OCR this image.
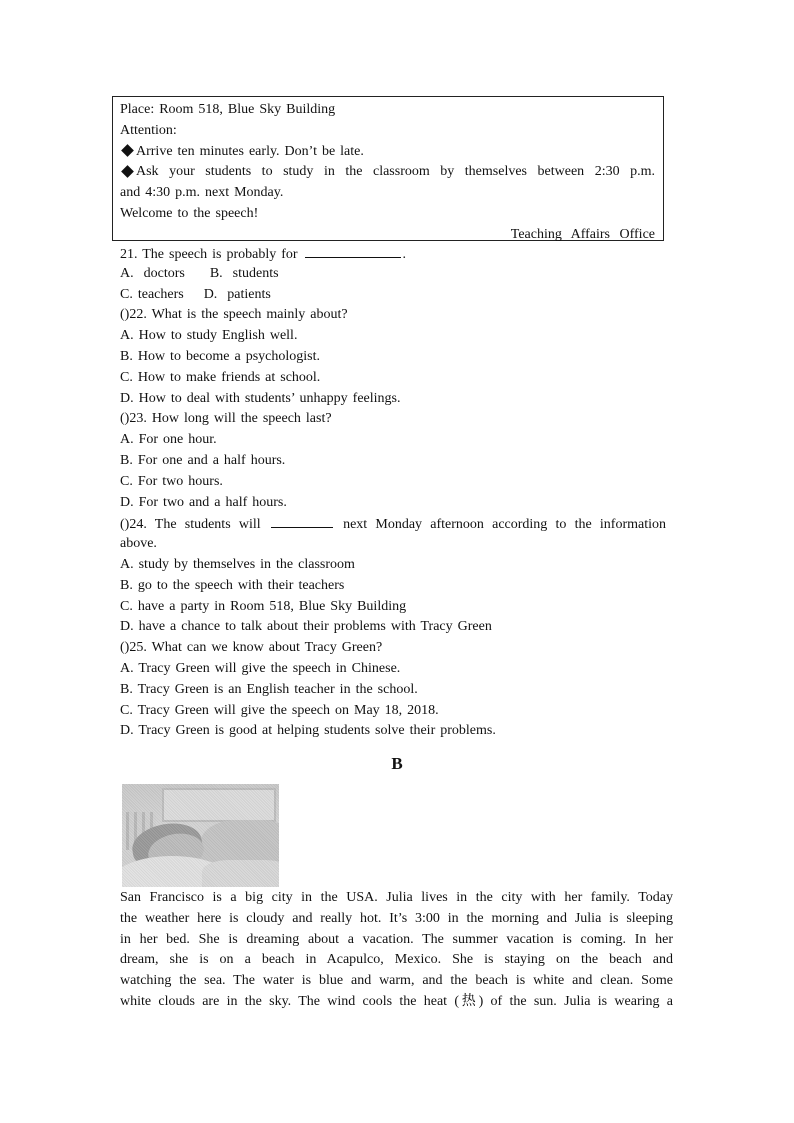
Place: Room 518, Blue Sky Building
Attention:
Arrive ten minutes early. Don’t be late.
Ask your students to study in the classroom by themselves between 2:30 p.m.
and 4:30 p.m. next Monday.
Welcome to the speech!
Teaching Affairs Office
21. The speech is probably for	.
A.  doctors     B.  students
C. teachers    D.  patients
()22. What is the speech mainly about?
A. How to study English well.
B. How to become a psychologist.
C. How to make friends at school.
D. How to deal with students’ unhappy feelings.
()23. How long will the speech last?
A. For one hour.
B. For one and a half hours.
C. For two hours.
D. For two and a half hours.
()24. The students will	next Monday afternoon according to the information
above.
A. study by themselves in the classroom
B. go to the speech with their teachers
C. have a party in Room 518, Blue Sky Building
D. have a chance to talk about their problems with Tracy Green
()25. What can we know about Tracy Green?
A. Tracy Green will give the speech in Chinese.
B. Tracy Green is an English teacher in the school.
C. Tracy Green will give the speech on May 18, 2018.
D. Tracy Green is good at helping students solve their problems.
B
San Francisco is a big city in the USA. Julia lives in the city with her family. Today
the weather here is cloudy and really hot. It’s 3:00 in the morning and Julia is sleeping
in her bed. She is dreaming about a vacation. The summer vacation is coming. In her
dream, she is on a beach in Acapulco, Mexico. She is staying on the beach and
watching the sea. The water is blue and warm, and the beach is white and clean. Some
white clouds are in the sky. The wind cools the heat (热) of the sun. Julia is wearing a
